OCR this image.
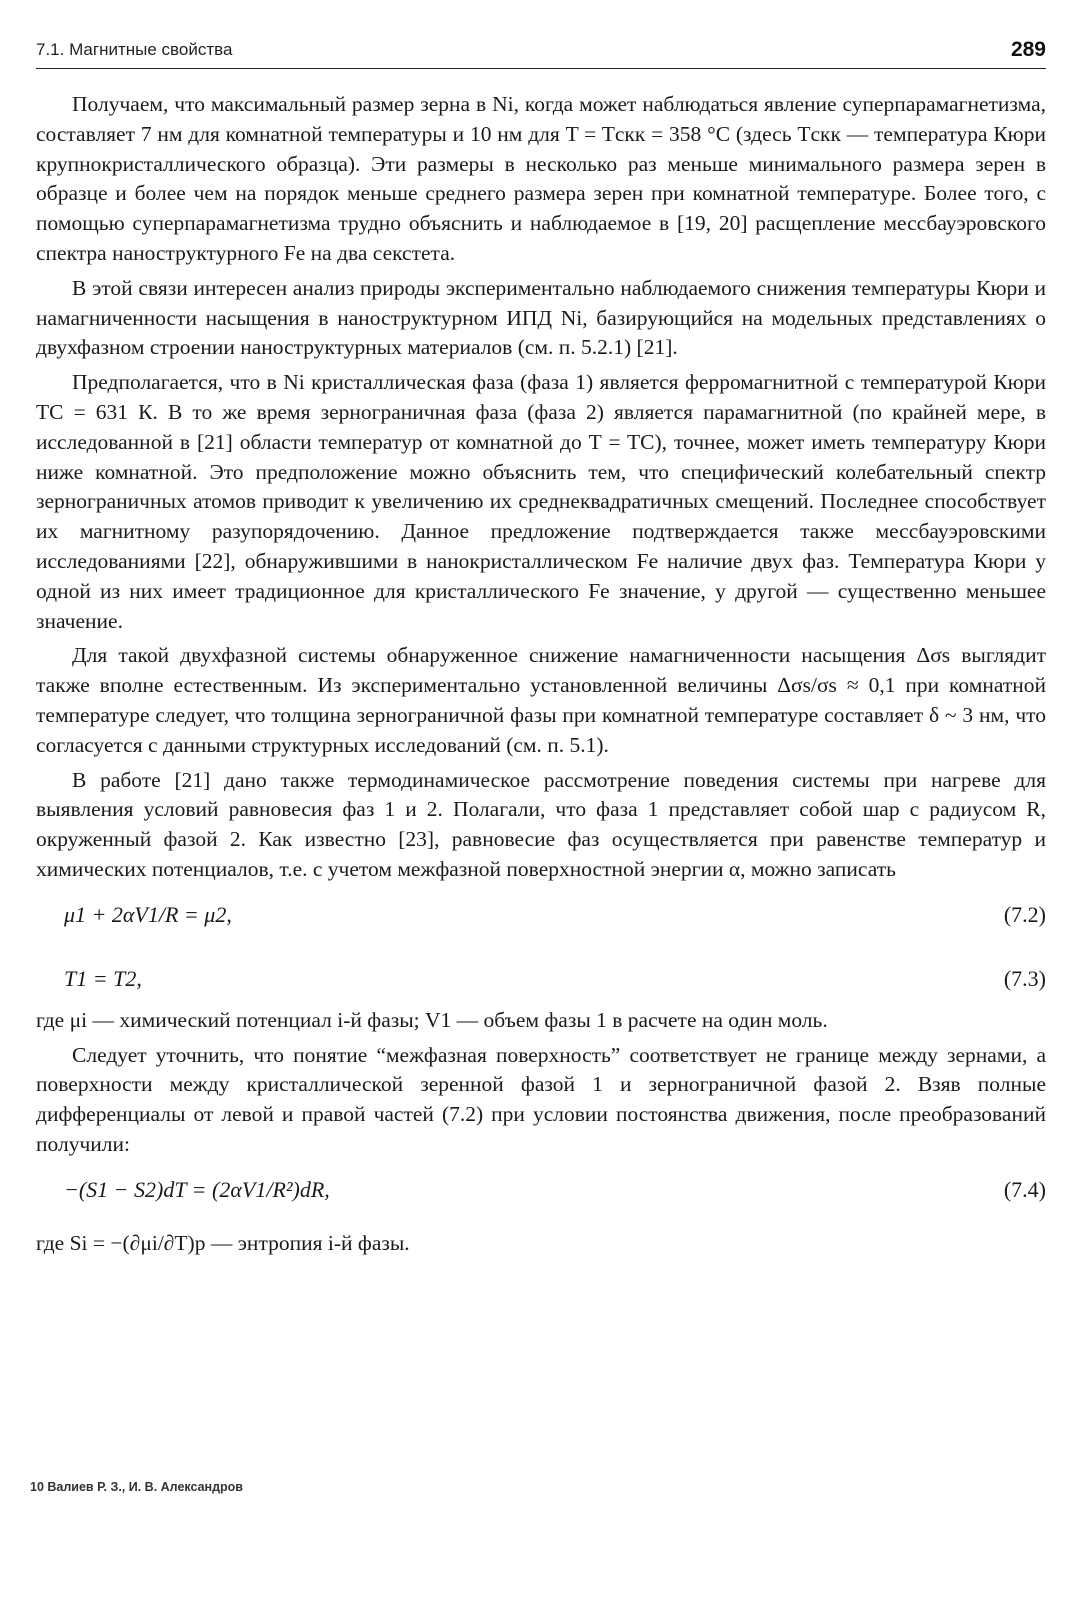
7.1. Магнитные свойства	289

Получаем, что максимальный размер зерна в Ni, когда может наблюдаться явление суперпарамагнетизма, составляет 7 нм для комнатной температуры и 10 нм для T = Tскк = 358 °C (здесь Tскк — температура Кюри крупнокристаллического образца). Эти размеры в несколько раз меньше минимального размера зерен в образце и более чем на порядок меньше среднего размера зерен при комнатной температуре. Более того, с помощью суперпарамагнетизма трудно объяснить и наблюдаемое в [19, 20] расщепление мессбауэровского спектра наноструктурного Fe на два секстета.

В этой связи интересен анализ природы экспериментально наблюдаемого снижения температуры Кюри и намагниченности насыщения в наноструктурном ИПД Ni, базирующийся на модельных представлениях о двухфазном строении наноструктурных материалов (см. п. 5.2.1) [21].

Предполагается, что в Ni кристаллическая фаза (фаза 1) является ферромагнитной с температурой Кюри TC = 631 К. В то же время зернограничная фаза (фаза 2) является парамагнитной (по крайней мере, в исследованной в [21] области температур от комнатной до T = TC), точнее, может иметь температуру Кюри ниже комнатной. Это предположение можно объяснить тем, что специфический колебательный спектр зернограничных атомов приводит к увеличению их среднеквадратичных смещений. Последнее способствует их магнитному разупорядочению. Данное предложение подтверждается также мессбауэровскими исследованиями [22], обнаружившими в нанокристаллическом Fe наличие двух фаз. Температура Кюри у одной из них имеет традиционное для кристаллического Fe значение, у другой — существенно меньшее значение.

Для такой двухфазной системы обнаруженное снижение намагниченности насыщения Δσs выглядит также вполне естественным. Из экспериментально установленной величины Δσs/σs ≈ 0,1 при комнатной температуре следует, что толщина зернограничной фазы при комнатной температуре составляет δ ~ 3 нм, что согласуется с данными структурных исследований (см. п. 5.1).

В работе [21] дано также термодинамическое рассмотрение поведения системы при нагреве для выявления условий равновесия фаз 1 и 2. Полагали, что фаза 1 представляет собой шар с радиусом R, окруженный фазой 2. Как известно [23], равновесие фаз осуществляется при равенстве температур и химических потенциалов, т.е. с учетом межфазной поверхностной энергии α, можно записать

μ1 + 2αV1/R = μ2,	(7.2)
T1 = T2,	(7.3)

где μi — химический потенциал i-й фазы; V1 — объем фазы 1 в расчете на один моль.

Следует уточнить, что понятие “межфазная поверхность” соответствует не границе между зернами, а поверхности между кристаллической зеренной фазой 1 и зернограничной фазой 2. Взяв полные дифференциалы от левой и правой частей (7.2) при условии постоянства движения, после преобразований получили:

−(S1 − S2)dT = (2αV1/R²)dR,	(7.4)

где Si = −(∂μi/∂T)p — энтропия i-й фазы.

10 Валиев Р. З., И. В. Александров
